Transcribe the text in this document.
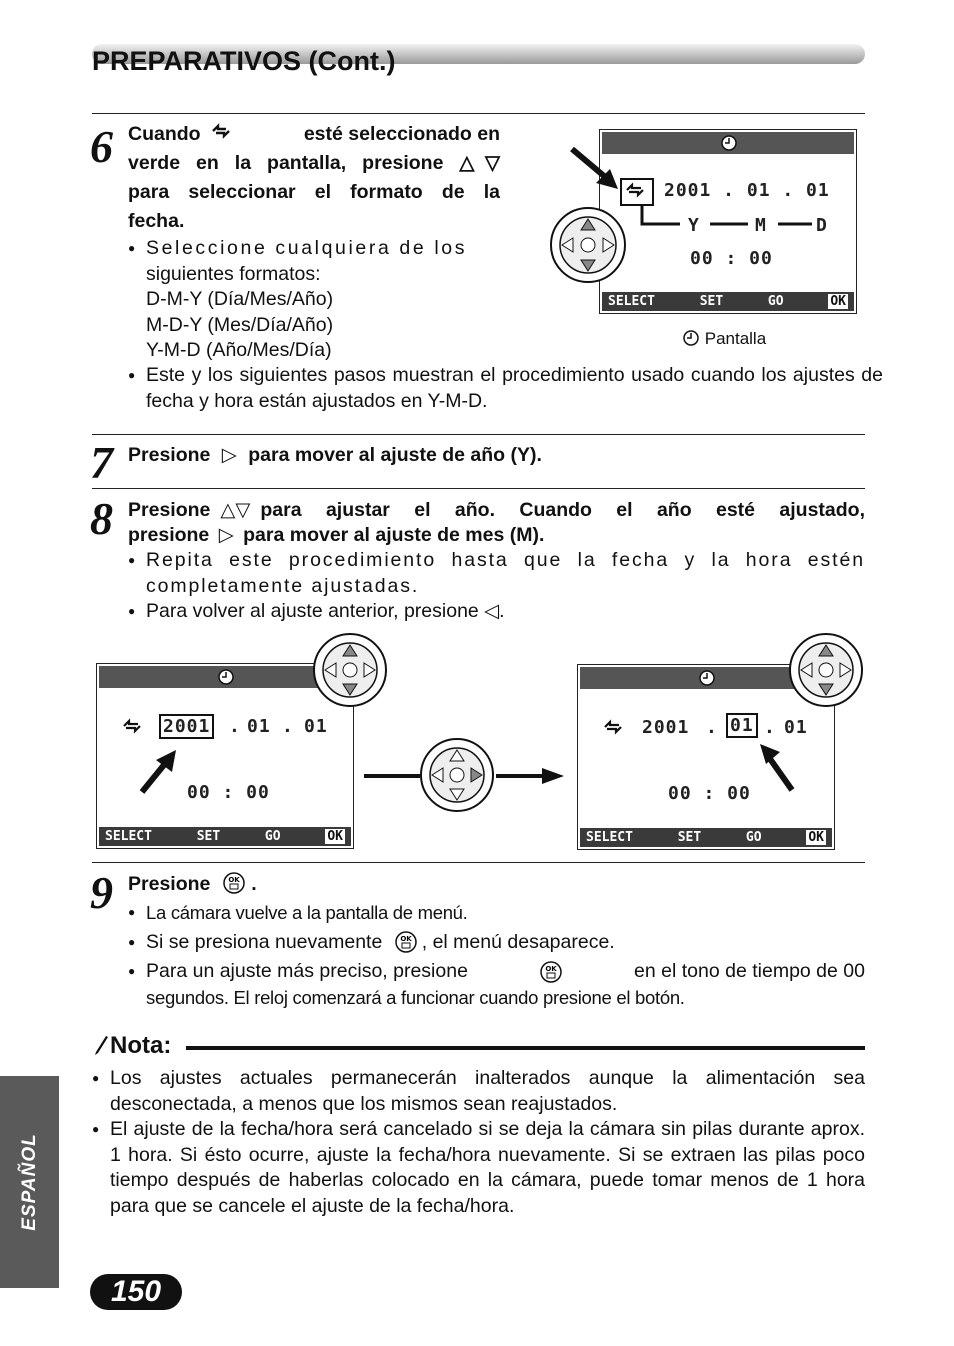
PREPARATIVOS (Cont.)
6 Cuando	esté seleccionado en
verde en la pantalla, presione △▽
para seleccionar el formato de la
fecha.
● Seleccione cualquiera de los
siguientes formatos:
D-M-Y (Día/Mes/Año)
M-D-Y (Mes/Día/Año)
Y-M-D (Año/Mes/Día)
● Este y los siguientes pasos muestran el procedimiento usado cuando los ajustes de fecha y hora están ajustados en Y-M-D.
2001 . 01 . 01
Y	M	D
00 : 00
SELECT	SET	GO	OK
Pantalla
7 Presione ▷ para mover al ajuste de año (Y).
8 Presione △▽ para ajustar el año. Cuando el año esté ajustado,
presione ▷ para mover al ajuste de mes (M).
● Repita este procedimiento hasta que la fecha y la hora estén completamente ajustadas.
● Para volver al ajuste anterior, presione ◁.
2001 . 01 . 01
00 : 00
SELECT	SET	GO	OK
2001 . 01 . 01
00 : 00
SELECT	SET	GO	OK
9 Presione	OK .
● La cámara vuelve a la pantalla de menú.
● Si se presiona nuevamente	OK , el menú desaparece.
● Para un ajuste más preciso, presione	OK	en el tono de tiempo de 00
segundos. El reloj comenzará a funcionar cuando presione el botón.
Nota:
● Los ajustes actuales permanecerán inalterados aunque la alimentación sea desconectada, a menos que los mismos sean reajustados.
● El ajuste de la fecha/hora será cancelado si se deja la cámara sin pilas durante aprox. 1 hora. Si ésto ocurre, ajuste la fecha/hora nuevamente. Si se extraen las pilas poco tiempo después de haberlas colocado en la cámara, puede tomar menos de 1 hora para que se cancele el ajuste de la fecha/hora.
ESPAÑOL
150
